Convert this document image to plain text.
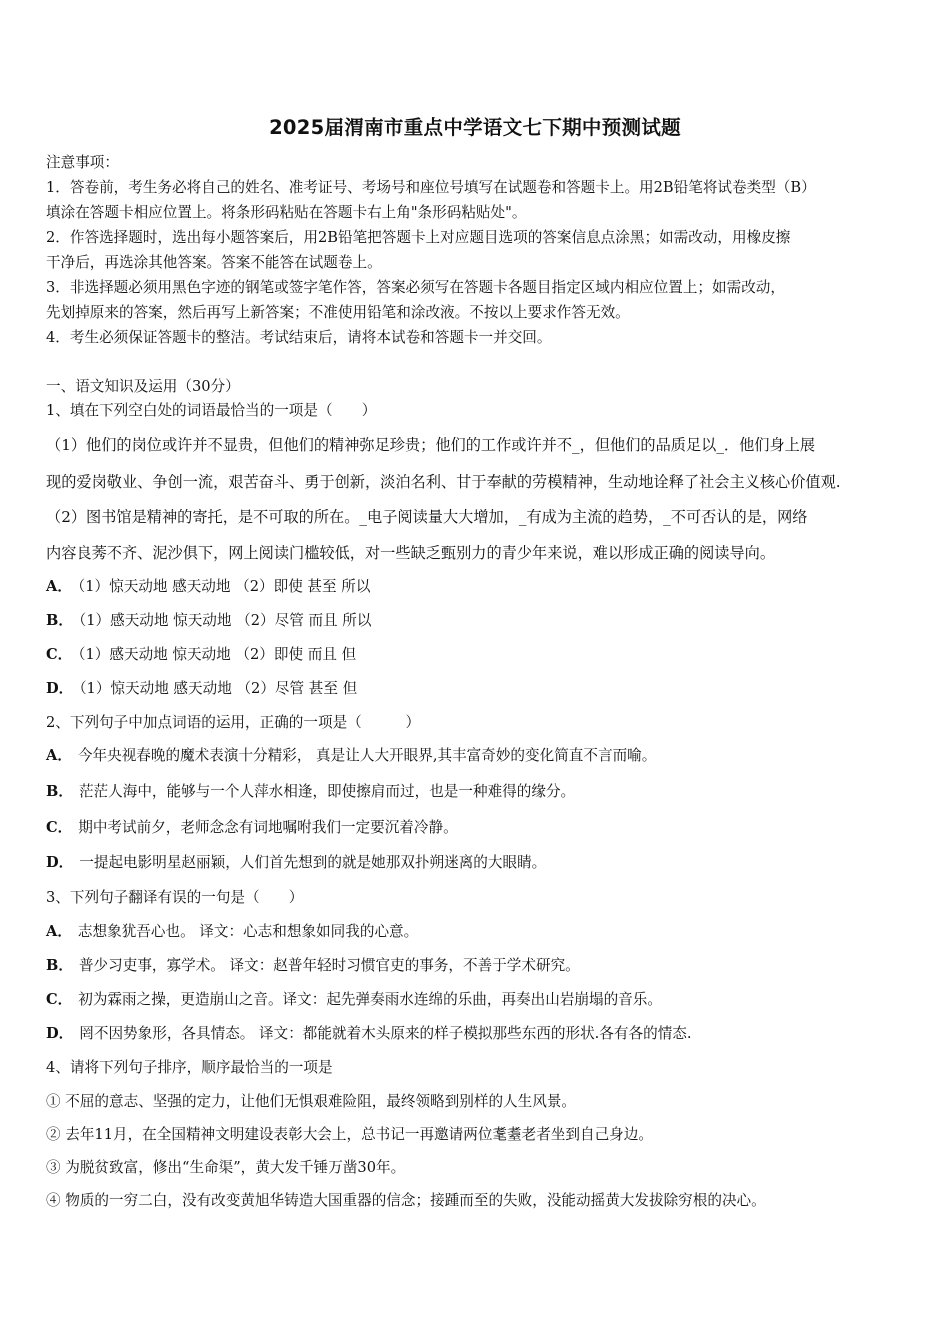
2025届渭南市重点中学语文七下期中预测试题
注意事项：
1．答卷前，考生务必将自己的姓名、准考证号、考场号和座位号填写在试题卷和答题卡上。用2B铅笔将试卷类型（B）
填涂在答题卡相应位置上。将条形码粘贴在答题卡右上角"条形码粘贴处"。
2．作答选择题时，选出每小题答案后，用2B铅笔把答题卡上对应题目选项的答案信息点涂黑；如需改动，用橡皮擦
干净后，再选涂其他答案。答案不能答在试题卷上。
3．非选择题必须用黑色字迹的钢笔或签字笔作答，答案必须写在答题卡各题目指定区域内相应位置上；如需改动，
先划掉原来的答案，然后再写上新答案；不准使用铅笔和涂改液。不按以上要求作答无效。
4．考生必须保证答题卡的整洁。考试结束后，请将本试卷和答题卡一并交回。
一、语文知识及运用（30分）
1、填在下列空白处的词语最恰当的一项是（　　）
（1）他们的岗位或许并不显贵，但他们的精神弥足珍贵；他们的工作或许并不_，但他们的品质足以_．他们身上展
现的爱岗敬业、争创一流，艰苦奋斗、勇于创新，淡泊名利、甘于奉献的劳模精神，生动地诠释了社会主义核心价值观.
（2）图书馆是精神的寄托，是不可取的所在。_电子阅读量大大增加，_有成为主流的趋势，_不可否认的是，网络
内容良莠不齐、泥沙俱下，网上阅读门槛较低，对一些缺乏甄别力的青少年来说，难以形成正确的阅读导向。
A． （1）惊天动地 感天动地 （2）即使 甚至 所以
B． （1）感天动地 惊天动地 （2）尽管 而且 所以
C． （1）感天动地 惊天动地 （2）即使 而且 但
D． （1）惊天动地 感天动地 （2）尽管 甚至 但
2、下列句子中加点词语的运用，正确的一项是（　　　）
A． 今年央视春晚的魔术表演十分精彩， 真是让人大开眼界,其丰富奇妙的变化简直不言而喻。
B． 茫茫人海中，能够与一个人萍水相逢，即使擦肩而过，也是一种难得的缘分。
C． 期中考试前夕，老师念念有词地嘱咐我们一定要沉着冷静。
D． 一提起电影明星赵丽颖，人们首先想到的就是她那双扑朔迷离的大眼睛。
3、下列句子翻译有误的一句是（　　）
A． 志想象犹吾心也。 译文：心志和想象如同我的心意。
B． 普少习吏事，寡学术。 译文：赵普年轻时习惯官吏的事务，不善于学术研究。
C． 初为霖雨之操，更造崩山之音。译文：起先弹奏雨水连绵的乐曲，再奏出山岩崩塌的音乐。
D． 罔不因势象形，各具情态。 译文：都能就着木头原来的样子模拟那些东西的形状.各有各的情态.
4、请将下列句子排序，顺序最恰当的一项是
① 不屈的意志、坚强的定力，让他们无惧艰难险阻，最终领略到别样的人生风景。
② 去年11月，在全国精神文明建设表彰大会上，总书记一再邀请两位耄耋老者坐到自己身边。
③ 为脱贫致富，修出“生命渠”，黄大发千锤万凿30年。
④ 物质的一穷二白，没有改变黄旭华铸造大国重器的信念；接踵而至的失败，没能动摇黄大发拔除穷根的决心。
